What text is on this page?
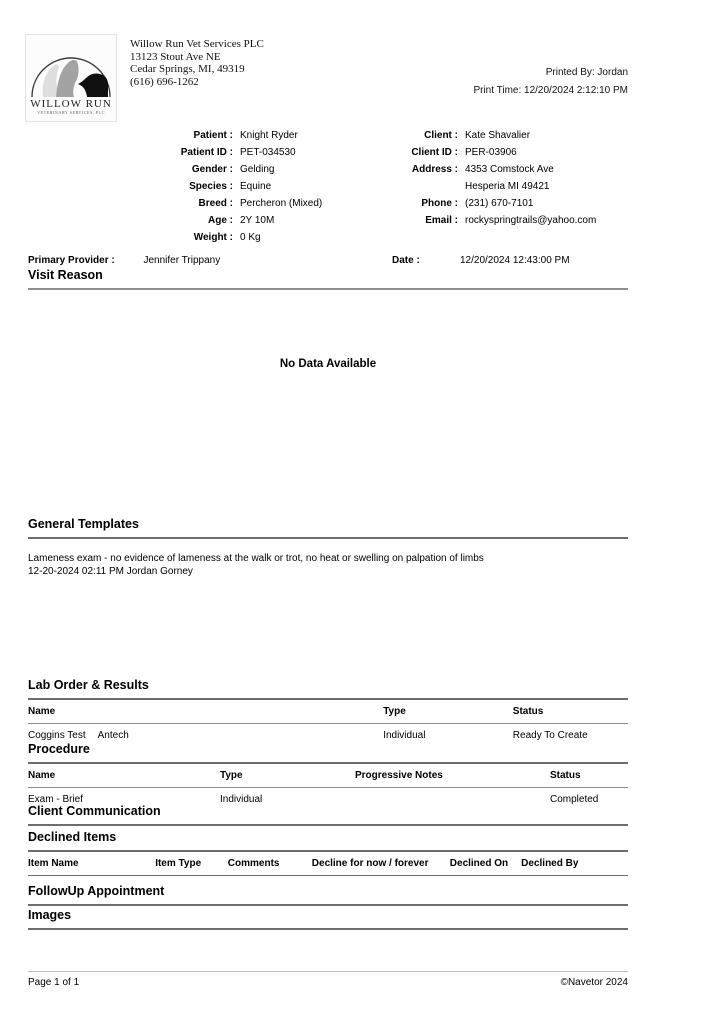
WILLOW RUN
VETERINARY SERVICES, PLC
Willow Run Vet Services PLC
13123 Stout Ave NE
Cedar Springs, MI, 49319
(616) 696-1262
Printed By: Jordan
Print Time: 12/20/2024 2:12:10 PM
Patient : Knight Ryder
Patient ID : PET-034530
Gender : Gelding
Species : Equine
Breed : Percheron (Mixed)
Age : 2Y 10M
Weight : 0 Kg
Client : Kate Shavalier
Client ID : PER-03906
Address : 4353 Comstock Ave
Hesperia MI 49421
Phone : (231) 670-7101
Email : rockyspringtrails@yahoo.com
Primary Provider :	Jennifer Trippany	Date :	12/20/2024 12:43:00 PM
Visit Reason
No Data Available
General Templates
Lameness exam - no evidence of lameness at the walk or trot, no heat or swelling on palpation of limbs
12-20-2024 02:11 PM Jordan Gorney
Lab Order & Results
Name	Type	Status
Coggins Test Antech	Individual	Ready To Create
Procedure
Name	Type	Progressive Notes	Status
Exam - Brief	Individual	Completed
Client Communication
Declined Items
Item Name	Item Type	Comments	Decline for now / forever	Declined On	Declined By
FollowUp Appointment
Images
Page 1 of 1	©Navetor 2024
